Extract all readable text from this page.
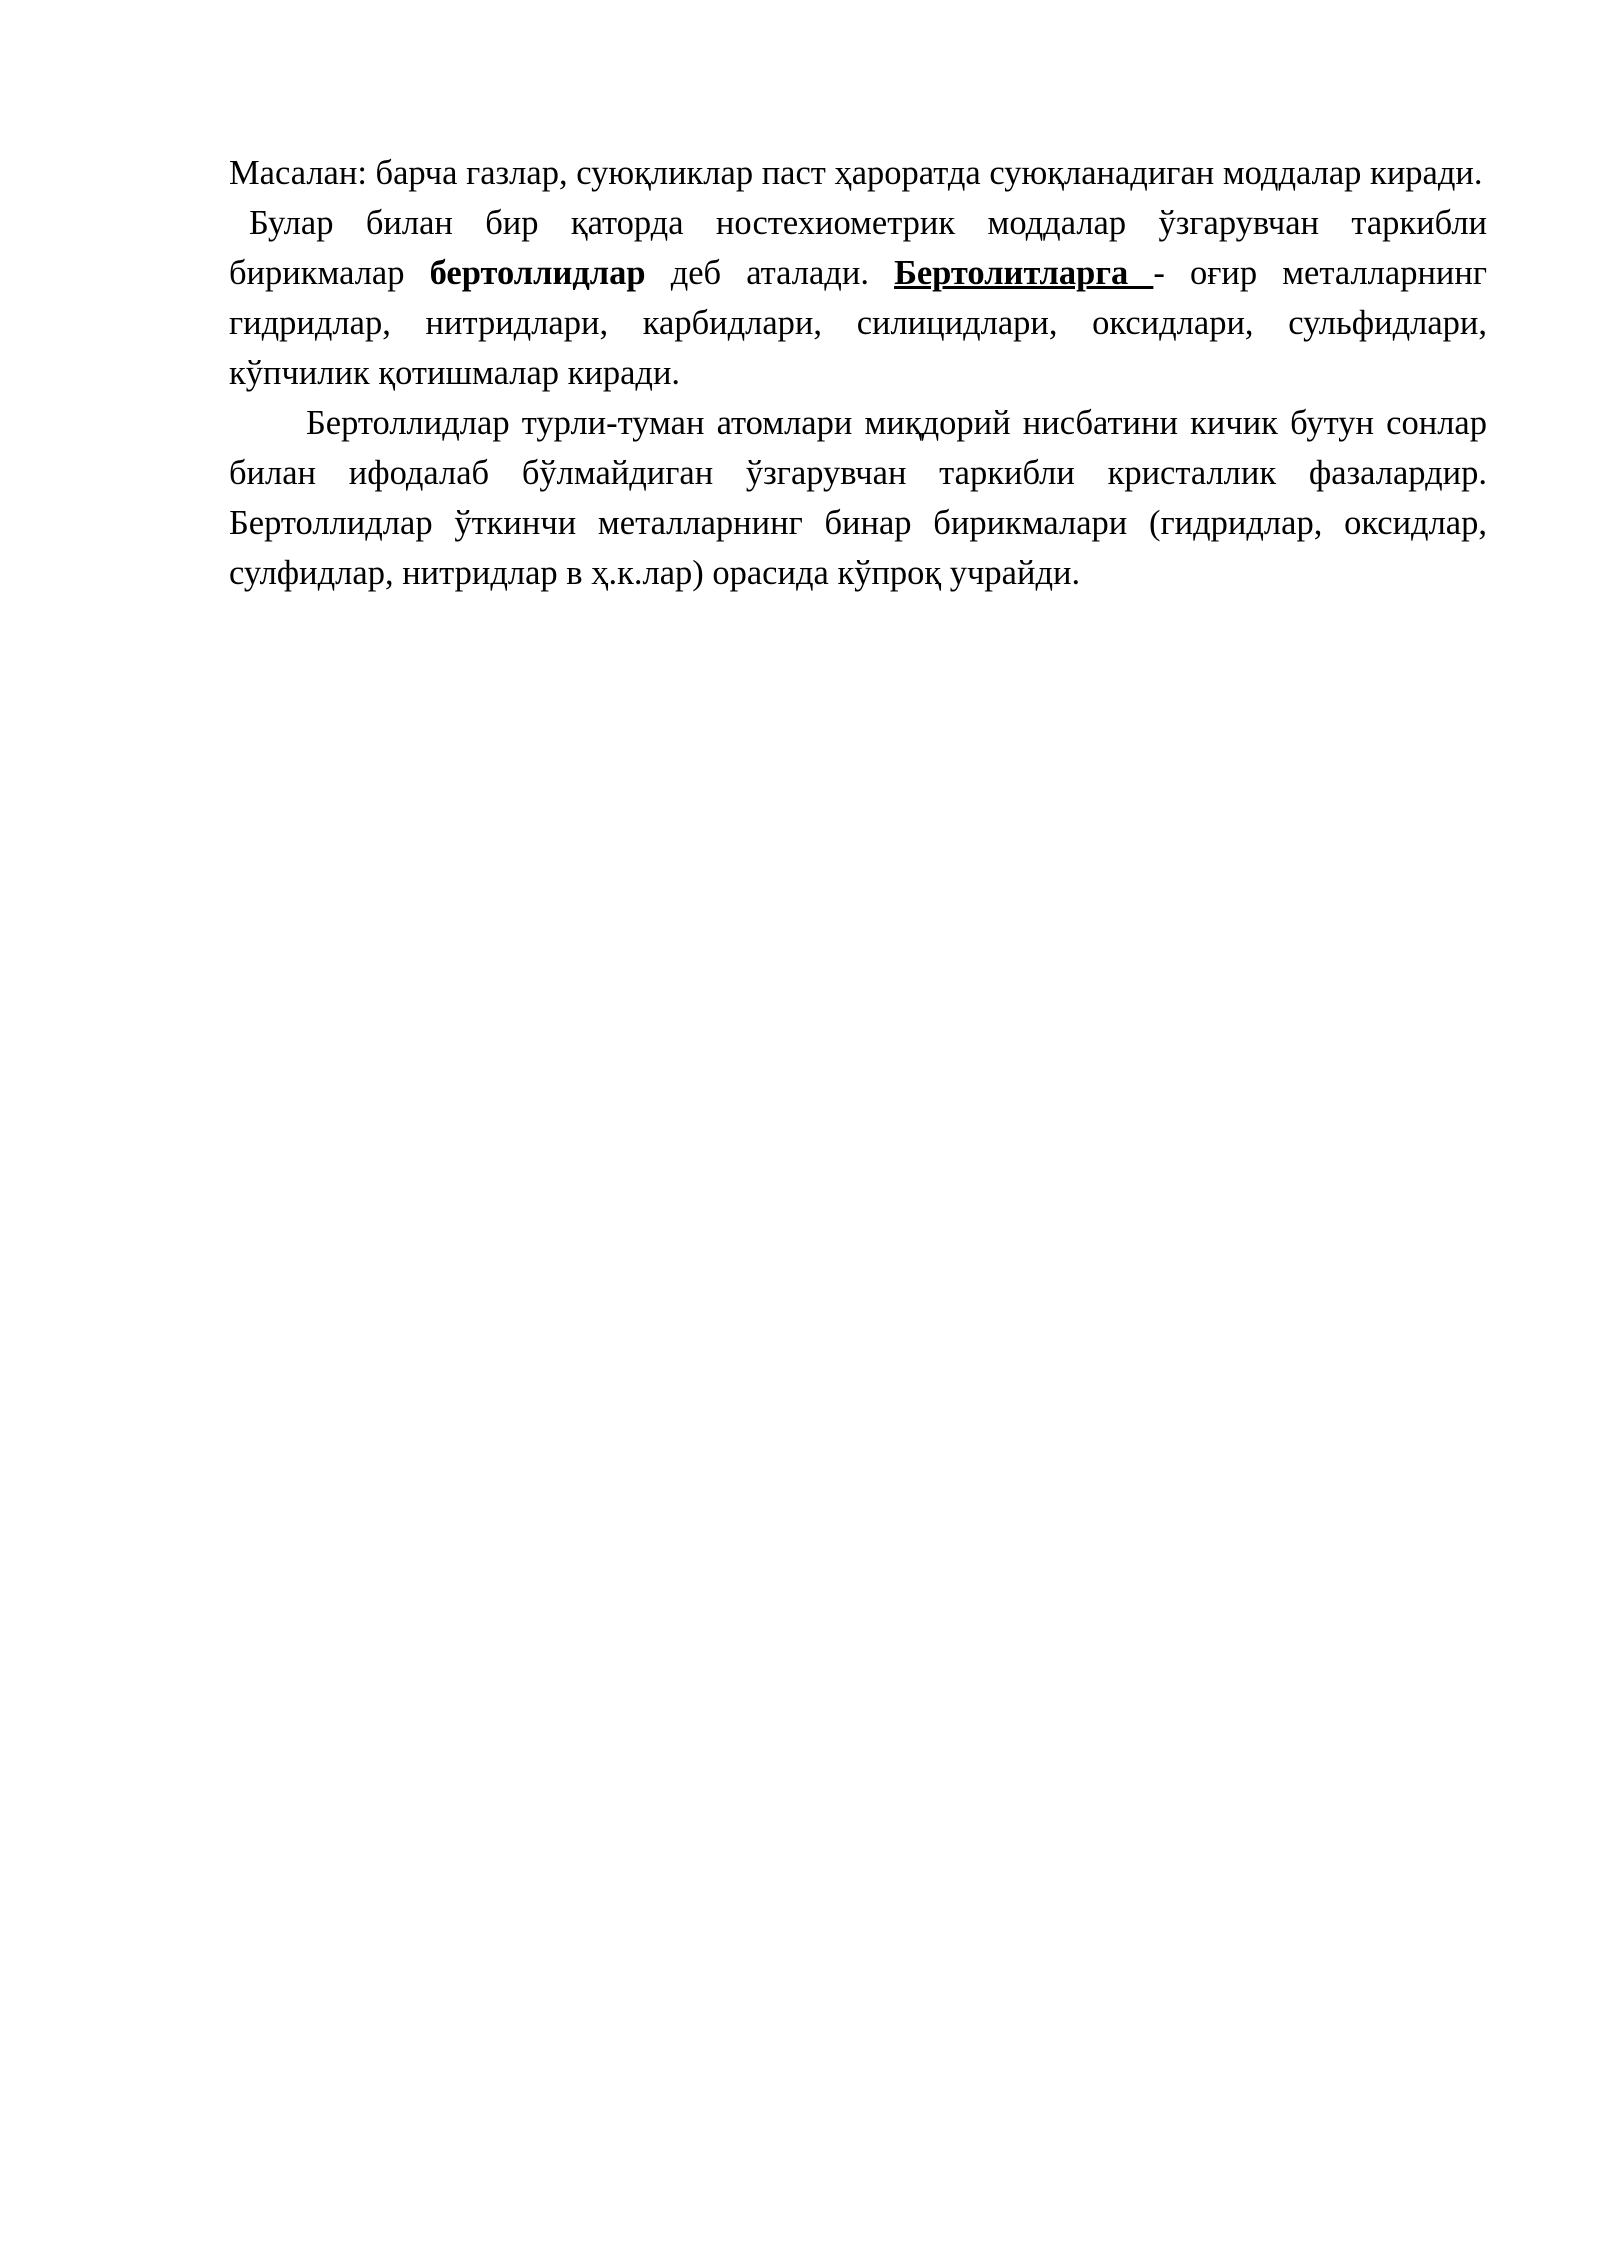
Масалан: барча газлар, суюқликлар паст ҳароратда суюқланадиган моддалар киради.

Булар билан бир қаторда ностехиометрик моддалар ўзгарувчан таркибли бирикмалар бертоллидлар деб аталади. Бертолитларга - оғир металларнинг гидридлар, нитридлари, карбидлари, силицидлари, оксидлари, сульфидлари, кўпчилик қотишмалар киради.

Бертоллидлар турли-туман атомлари миқдорий нисбатини кичик бутун сонлар билан ифодалаб бўлмайдиган ўзгарувчан таркибли кристаллик фазалардир. Бертоллидлар ўткинчи металларнинг бинар бирикмалари (гидридлар, оксидлар, сулфидлар, нитридлар в ҳ.к.лар) орасида кўпроқ учрайди.
